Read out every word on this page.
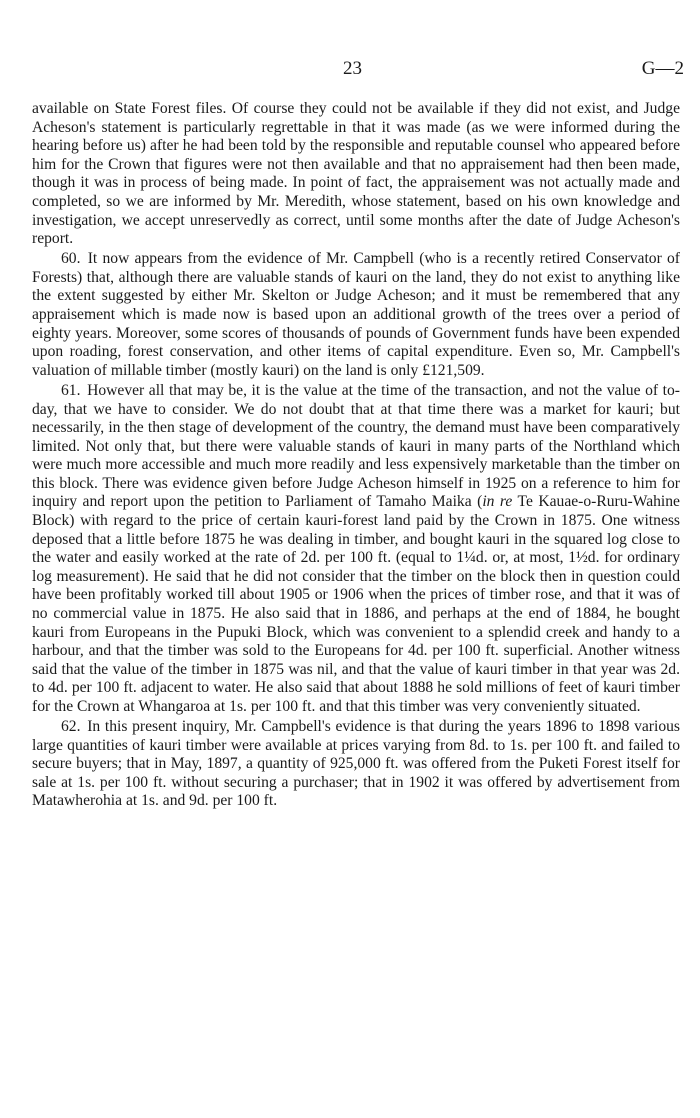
23	G—2

available on State Forest files. Of course they could not be available if they did not exist, and Judge Acheson's statement is particularly regrettable in that it was made (as we were informed during the hearing before us) after he had been told by the responsible and reputable counsel who appeared before him for the Crown that figures were not then available and that no appraisement had then been made, though it was in process of being made. In point of fact, the appraisement was not actually made and completed, so we are informed by Mr. Meredith, whose statement, based on his own knowledge and investigation, we accept unreservedly as correct, until some months after the date of Judge Acheson's report.

60. It now appears from the evidence of Mr. Campbell (who is a recently retired Conservator of Forests) that, although there are valuable stands of kauri on the land, they do not exist to anything like the extent suggested by either Mr. Skelton or Judge Acheson; and it must be remembered that any appraisement which is made now is based upon an additional growth of the trees over a period of eighty years. Moreover, some scores of thousands of pounds of Government funds have been expended upon roading, forest conservation, and other items of capital expenditure. Even so, Mr. Campbell's valuation of millable timber (mostly kauri) on the land is only £121,509.

61. However all that may be, it is the value at the time of the transaction, and not the value of to-day, that we have to consider. We do not doubt that at that time there was a market for kauri; but necessarily, in the then stage of development of the country, the demand must have been comparatively limited. Not only that, but there were valuable stands of kauri in many parts of the Northland which were much more accessible and much more readily and less expensively marketable than the timber on this block. There was evidence given before Judge Acheson himself in 1925 on a reference to him for inquiry and report upon the petition to Parliament of Tamaho Maika (in re Te Kauae-o-Ruru-Wahine Block) with regard to the price of certain kauri-forest land paid by the Crown in 1875. One witness deposed that a little before 1875 he was dealing in timber, and bought kauri in the squared log close to the water and easily worked at the rate of 2d. per 100 ft. (equal to 1¼d. or, at most, 1½d. for ordinary log measurement). He said that he did not consider that the timber on the block then in question could have been profitably worked till about 1905 or 1906 when the prices of timber rose, and that it was of no commercial value in 1875. He also said that in 1886, and perhaps at the end of 1884, he bought kauri from Europeans in the Pupuki Block, which was convenient to a splendid creek and handy to a harbour, and that the timber was sold to the Europeans for 4d. per 100 ft. superficial. Another witness said that the value of the timber in 1875 was nil, and that the value of kauri timber in that year was 2d. to 4d. per 100 ft. adjacent to water. He also said that about 1888 he sold millions of feet of kauri timber for the Crown at Whangaroa at 1s. per 100 ft. and that this timber was very conveniently situated.

62. In this present inquiry, Mr. Campbell's evidence is that during the years 1896 to 1898 various large quantities of kauri timber were available at prices varying from 8d. to 1s. per 100 ft. and failed to secure buyers; that in May, 1897, a quantity of 925,000 ft. was offered from the Puketi Forest itself for sale at 1s. per 100 ft. without securing a purchaser; that in 1902 it was offered by advertisement from Matawherohia at 1s. and 9d. per 100 ft.
